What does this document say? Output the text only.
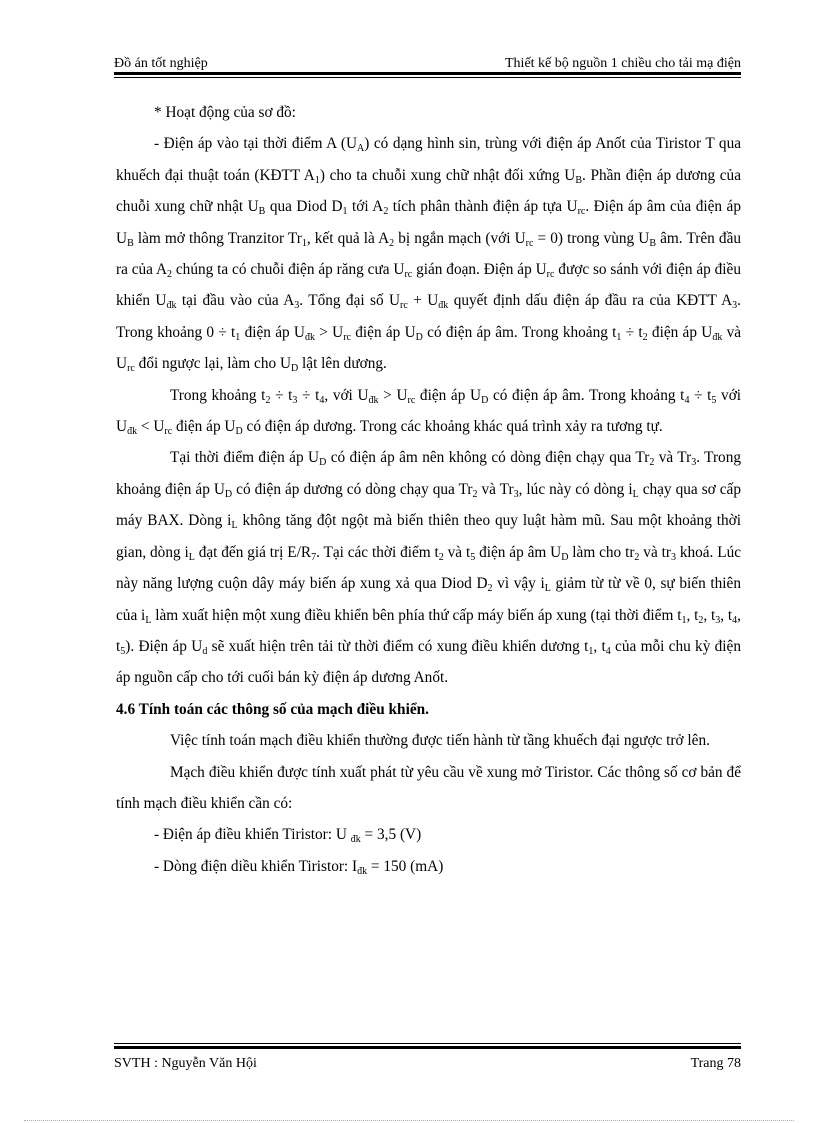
Đồ án tốt nghiệp	Thiết kế bộ nguồn 1 chiều cho tải mạ điện

* Hoạt động của sơ đồ:

- Điện áp vào tại thời điểm A $(U_A)$ có dạng hình sin, trùng với điện áp Anốt của Tiristor T qua khuếch đại thuật toán (KĐTT $A_1$) cho ta chuỗi xung chữ nhật đối xứng $U_B$. Phần điện áp dương của chuỗi xung chữ nhật $U_B$ qua Diod $D_1$ tới $A_2$ tích phân thành điện áp tựa $U_{rc}$. Điện áp âm của điện áp $U_B$ làm mở thông Tranzitor $Tr_1$, kết quả là $A_2$ bị ngắn mạch (với $U_{rc} = 0$) trong vùng $U_B$ âm. Trên đầu ra của $A_2$ chúng ta có chuỗi điện áp răng cưa $U_{rc}$ gián đoạn. Điện áp $U_{rc}$ được so sánh với điện áp điều khiển $U_{đk}$ tại đầu vào của $A_3$. Tổng đại số $U_{rc} + U_{đk}$ quyết định dấu điện áp đầu ra của KĐTT $A_3$. Trong khoảng $0 \div t_1$ điện áp $U_{đk} > U_{rc}$ điện áp $U_D$ có điện áp âm. Trong khoảng $t_1 \div t_2$ điện áp $U_{đk}$ và $U_{rc}$ đổi ngược lại, làm cho $U_D$ lật lên dương.

Trong khoảng $t_2 \div t_3 \div t_4$, với $U_{đk} > U_{rc}$ điện áp $U_D$ có điện áp âm. Trong khoảng $t_4 \div t_5$ với $U_{đk} < U_{rc}$ điện áp $U_D$ có điện áp dương. Trong các khoảng khác quá trình xảy ra tương tự.

Tại thời điểm điện áp $U_D$ có điện áp âm nên không có dòng điện chạy qua $Tr_2$ và $Tr_3$. Trong khoảng điện áp $U_D$ có điện áp dương có dòng chạy qua $Tr_2$ và $Tr_3$, lúc này có dòng $i_L$ chạy qua sơ cấp máy BAX. Dòng $i_L$ không tăng đột ngột mà biến thiên theo quy luật hàm mũ. Sau một khoảng thời gian, dòng $i_L$ đạt đến giá trị $E/R_7$. Tại các thời điểm $t_2$ và $t_5$ điện áp âm $U_D$ làm cho $tr_2$ và $tr_3$ khoá. Lúc này năng lượng cuộn dây máy biến áp xung xả qua Diod $D_2$ vì vậy $i_L$ giảm từ từ về 0, sự biến thiên của $i_L$ làm xuất hiện một xung điều khiển bên phía thứ cấp máy biến áp xung (tại thời điểm $t_1$, $t_2$, $t_3$, $t_4$, $t_5$). Điện áp $U_d$ sẽ xuất hiện trên tải từ thời điểm có xung điều khiển dương $t_1$, $t_4$ của mỗi chu kỳ điện áp nguồn cấp cho tới cuối bán kỳ điện áp dương Anốt.

4.6 Tính toán các thông số của mạch điều khiển.

Việc tính toán mạch điều khiển thường được tiến hành từ tầng khuếch đại ngược trở lên.

Mạch điều khiển được tính xuất phát từ yêu cầu về xung mở Tiristor. Các thông số cơ bản để tính mạch điều khiển cần có:

- Điện áp điều khiển Tiristor: U $_{đk}$ = 3,5 (V)

- Dòng điện diều khiển Tiristor: $I_{đk} = 150$ (mA)

SVTH : Nguyễn Văn Hội	Trang 78
